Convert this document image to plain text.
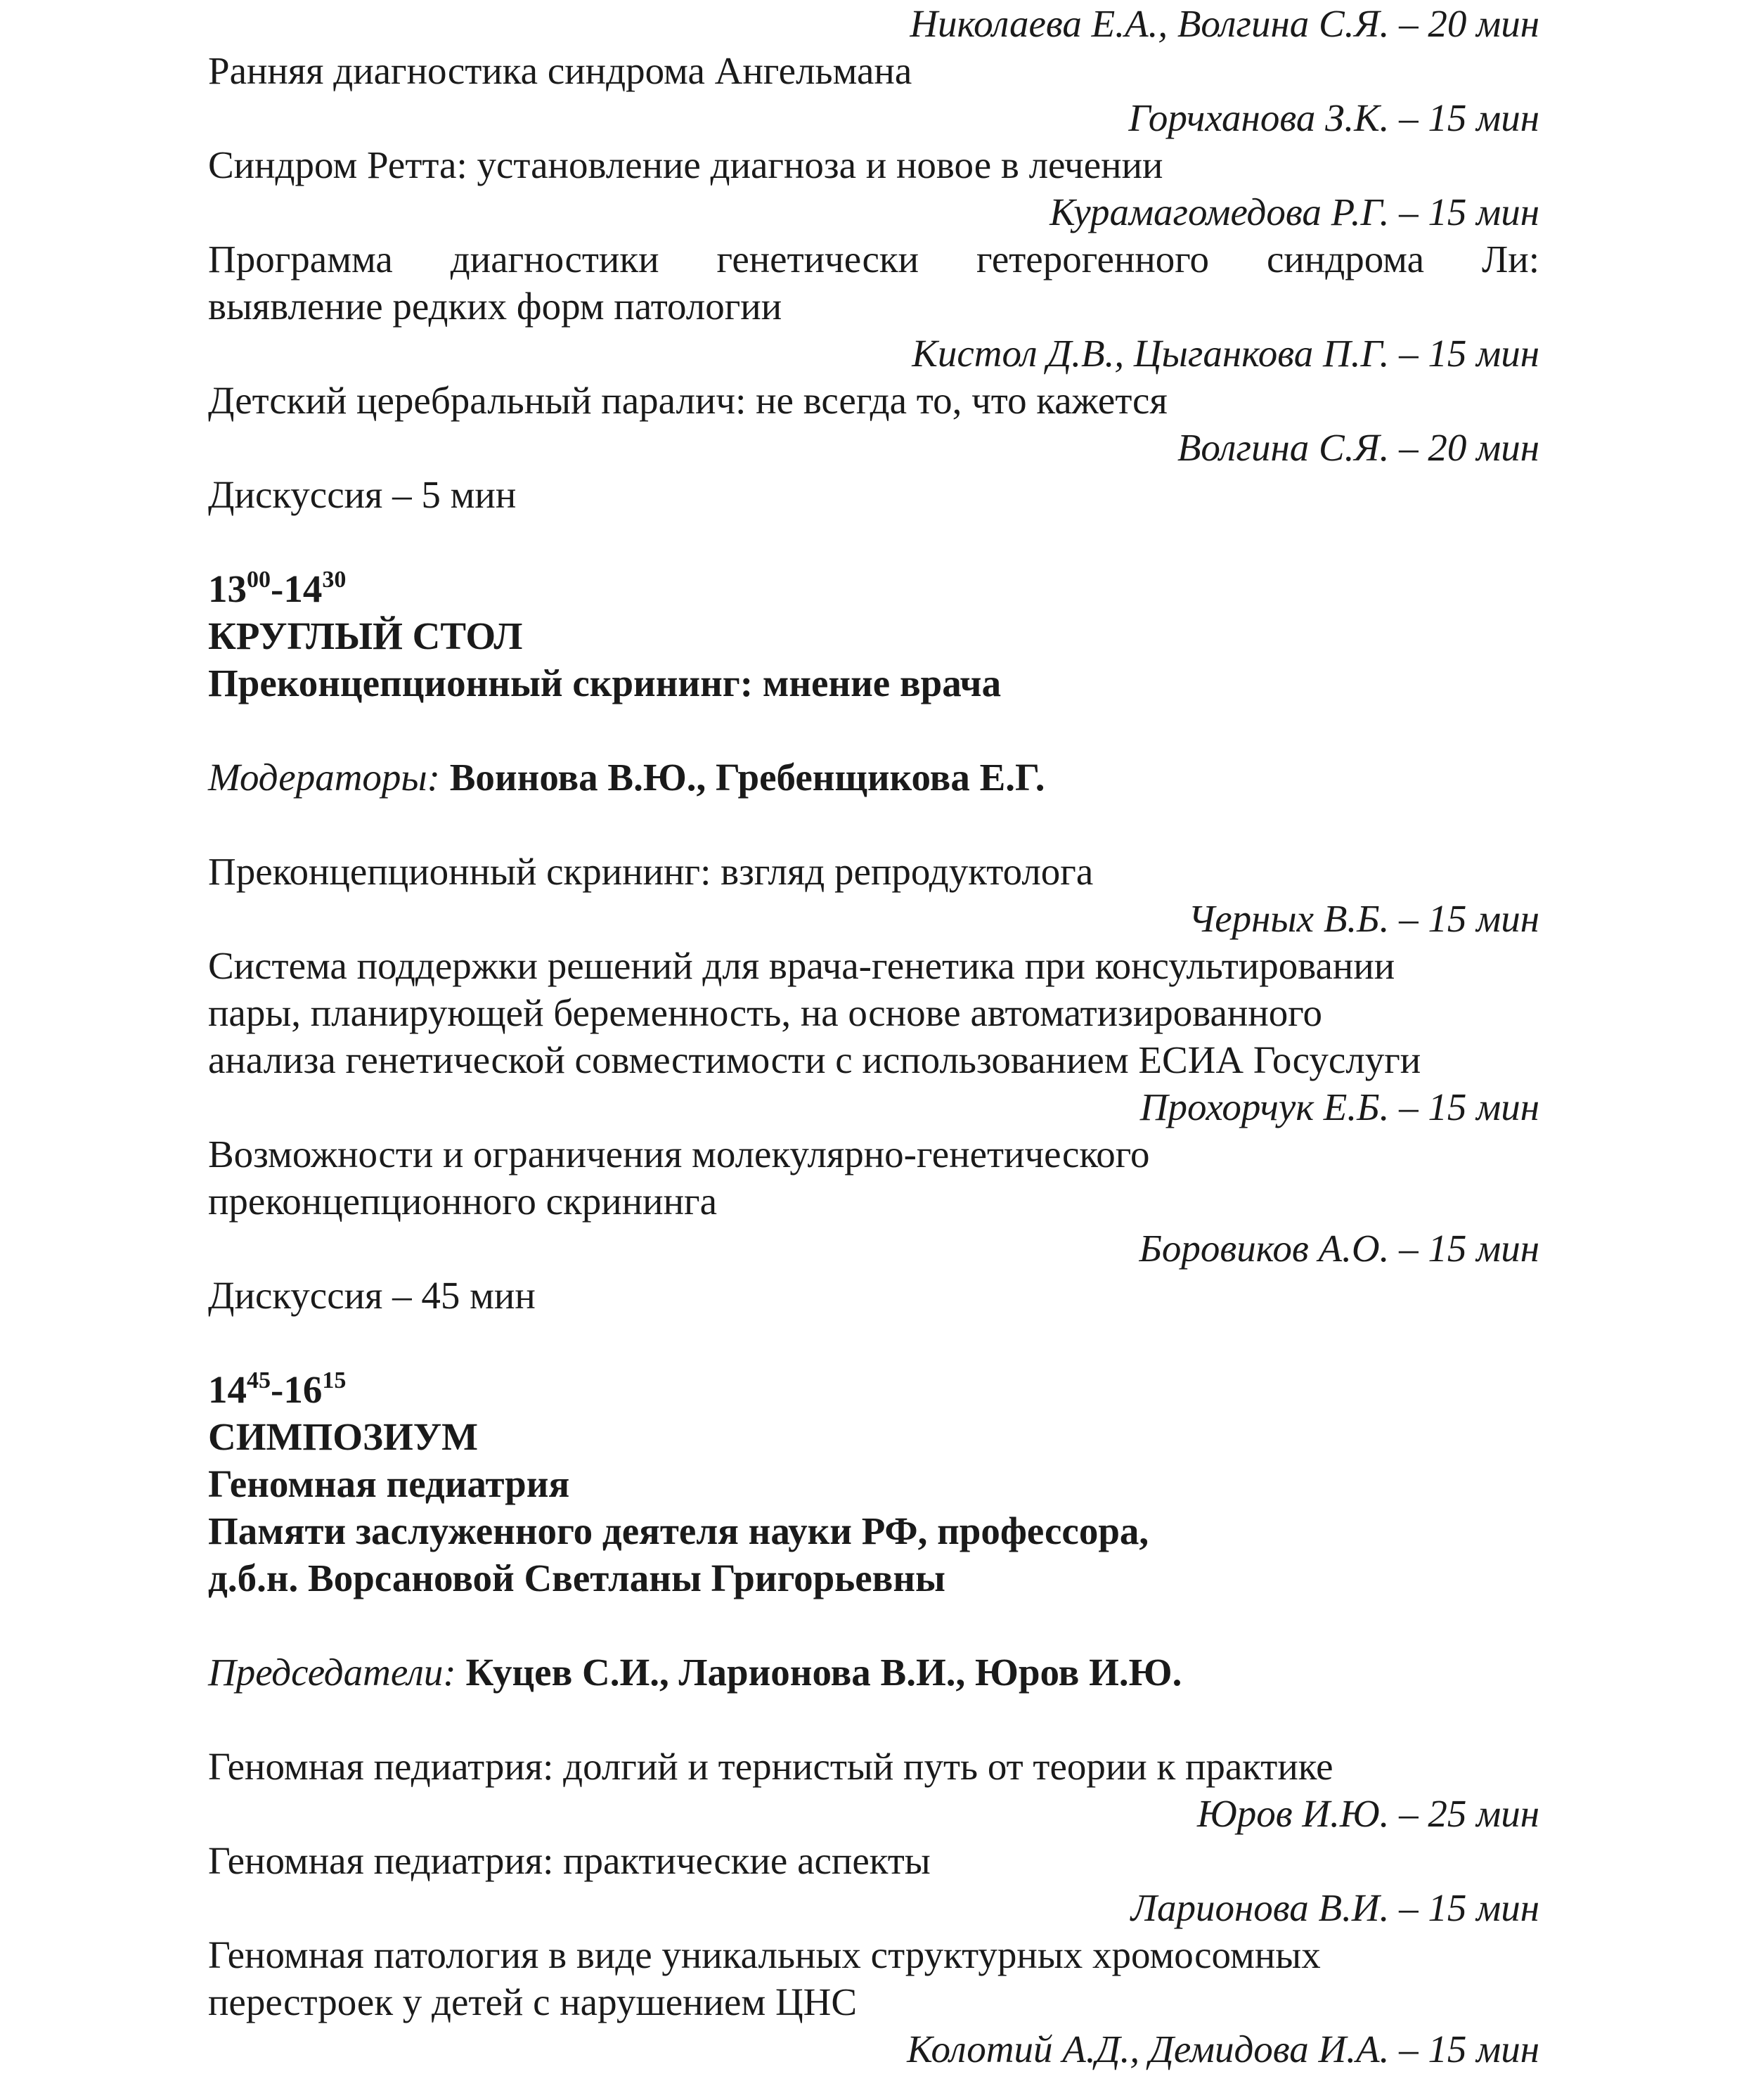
Николаева Е.А., Волгина С.Я. – 20 мин
Ранняя диагностика синдрома Ангельмана
Горчханова З.К. – 15 мин
Синдром Ретта: установление диагноза и новое в лечении
Курамагомедова Р.Г. – 15 мин
Программа диагностики генетически гетерогенного синдрома Ли:
выявление редких форм патологии
Кистол Д.В., Цыганкова П.Г. – 15 мин
Детский церебральный паралич: не всегда то, что кажется
Волгина С.Я. – 20 мин
Дискуссия – 5 мин
$13^{00}-14^{30}$
КРУГЛЫЙ СТОЛ
Преконцепционный скрининг: мнение врача
Модераторы: Воинова В.Ю., Гребенщикова Е.Г.
Преконцепционный скрининг: взгляд репродуктолога
Черных В.Б. – 15 мин
Система поддержки решений для врача-генетика при консультировании
пары, планирующей беременность, на основе автоматизированного
анализа генетической совместимости с использованием ЕСИА Госуслуги
Прохорчук Е.Б. – 15 мин
Возможности и ограничения молекулярно-генетического
преконцепционного скрининга
Боровиков А.О. – 15 мин
Дискуссия – 45 мин
$14^{45}-16^{15}$
СИМПОЗИУМ
Геномная педиатрия
Памяти заслуженного деятеля науки РФ, профессора,
д.б.н. Ворсановой Светланы Григорьевны
Председатели: Куцев С.И., Ларионова В.И., Юров И.Ю.
Геномная педиатрия: долгий и тернистый путь от теории к практике
Юров И.Ю. – 25 мин
Геномная педиатрия: практические аспекты
Ларионова В.И. – 15 мин
Геномная патология в виде уникальных структурных хромосомных
перестроек у детей с нарушением ЦНС
Колотий А.Д., Демидова И.А. – 15 мин
